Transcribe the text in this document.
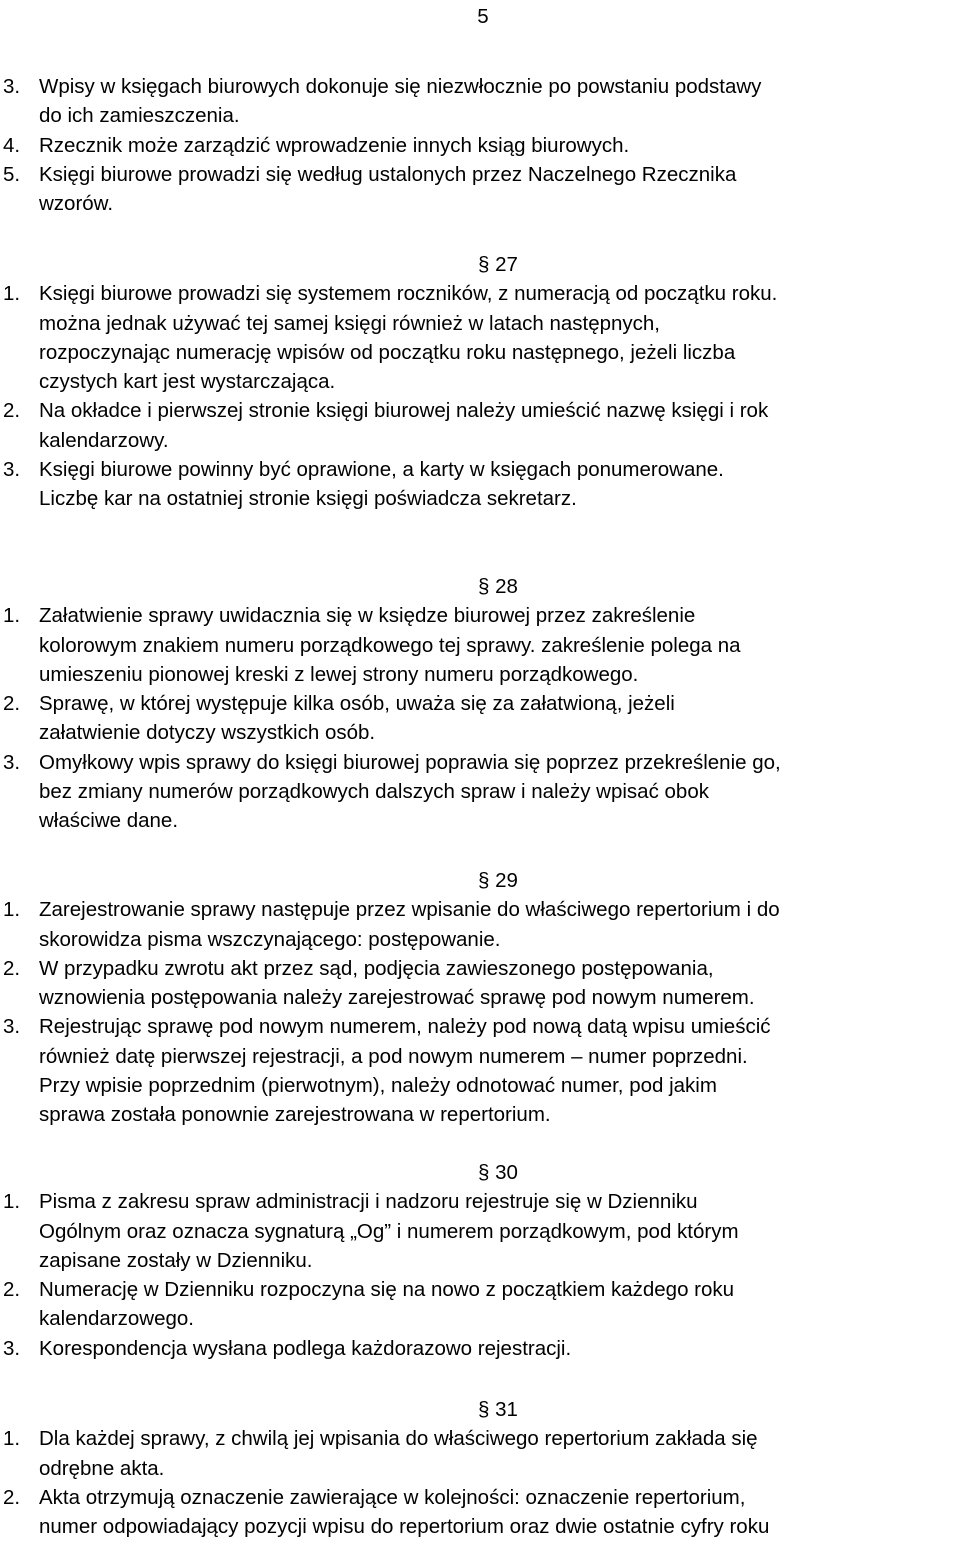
5
3. Wpisy w księgach biurowych dokonuje się niezwłocznie po powstaniu podstawy
do ich zamieszczenia.
4. Rzecznik może zarządzić wprowadzenie innych ksiąg biurowych.
5. Księgi biurowe prowadzi się według ustalonych przez Naczelnego Rzecznika
wzorów.
§ 27
1. Księgi biurowe prowadzi się systemem roczników, z numeracją od początku roku.
można jednak używać tej samej księgi również w latach następnych,
rozpoczynając numerację wpisów od początku roku następnego, jeżeli liczba
czystych kart jest wystarczająca.
2. Na okładce i pierwszej stronie księgi biurowej należy umieścić nazwę księgi i rok
kalendarzowy.
3. Księgi biurowe powinny być oprawione, a karty w księgach ponumerowane.
Liczbę kar na ostatniej stronie księgi poświadcza sekretarz.
§ 28
1. Załatwienie sprawy uwidacznia się w księdze biurowej przez zakreślenie
kolorowym znakiem numeru porządkowego tej sprawy. zakreślenie polega na
umieszeniu pionowej kreski z lewej strony numeru porządkowego.
2. Sprawę, w której występuje kilka osób, uważa się za załatwioną, jeżeli
załatwienie dotyczy wszystkich osób.
3. Omyłkowy wpis sprawy do księgi biurowej poprawia się poprzez przekreślenie go,
bez zmiany numerów porządkowych dalszych spraw i należy wpisać obok
właściwe dane.
§ 29
1. Zarejestrowanie sprawy następuje przez wpisanie do właściwego repertorium i do
skorowidza pisma wszczynającego: postępowanie.
2. W przypadku zwrotu akt przez sąd, podjęcia zawieszonego postępowania,
wznowienia postępowania należy zarejestrować sprawę pod nowym numerem.
3. Rejestrując sprawę pod nowym numerem, należy pod nową datą wpisu umieścić
również datę pierwszej rejestracji, a pod nowym numerem – numer poprzedni.
Przy wpisie poprzednim (pierwotnym), należy odnotować numer, pod jakim
sprawa została ponownie zarejestrowana w repertorium.
§ 30
1. Pisma z zakresu spraw administracji i nadzoru rejestruje się w Dzienniku
Ogólnym oraz oznacza sygnaturą „Og” i numerem porządkowym, pod którym
zapisane zostały w Dzienniku.
2. Numerację w Dzienniku rozpoczyna się na nowo z początkiem każdego roku
kalendarzowego.
3. Korespondencja wysłana podlega każdorazowo rejestracji.
§ 31
1. Dla każdej sprawy, z chwilą jej wpisania do właściwego repertorium zakłada się
odrębne akta.
2. Akta otrzymują oznaczenie zawierające w kolejności: oznaczenie repertorium,
numer odpowiadający pozycji wpisu do repertorium oraz dwie ostatnie cyfry roku
